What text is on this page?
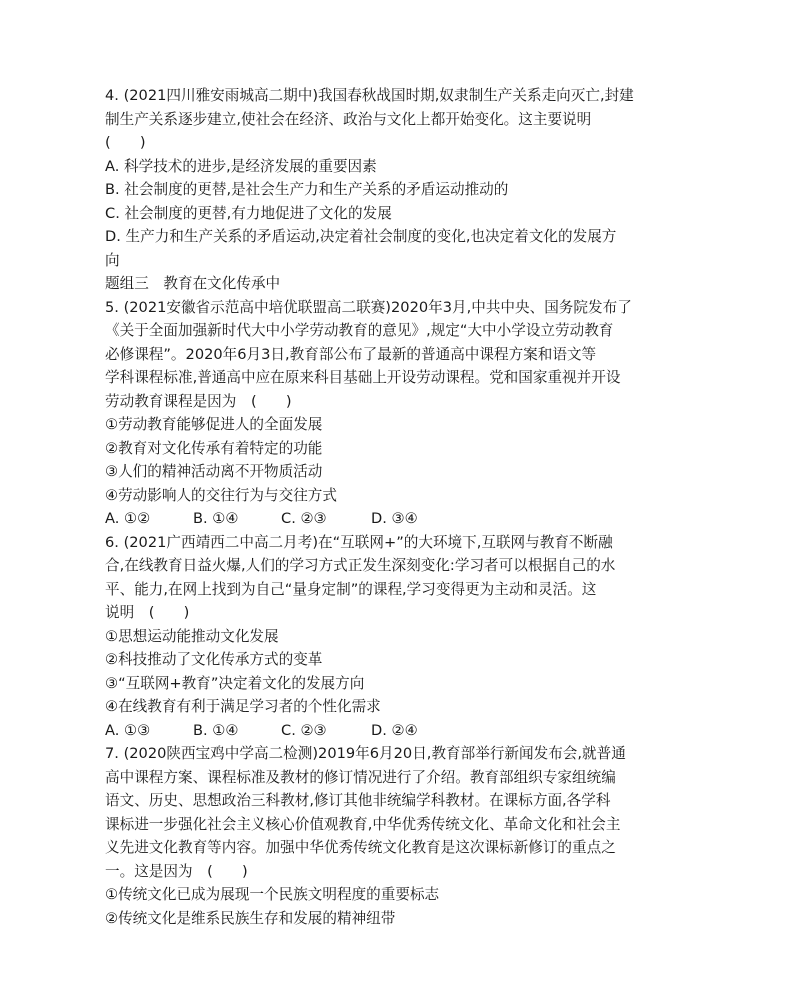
4. (2021四川雅安雨城高二期中)我国春秋战国时期,奴隶制生产关系走向灭亡,封建
制生产关系逐步建立,使社会在经济、政治与文化上都开始变化。这主要说明
(　　)
A. 科学技术的进步,是经济发展的重要因素
B. 社会制度的更替,是社会生产力和生产关系的矛盾运动推动的
C. 社会制度的更替,有力地促进了文化的发展
D. 生产力和生产关系的矛盾运动,决定着社会制度的变化,也决定着文化的发展方
向
题组三　教育在文化传承中
5. (2021安徽省示范高中培优联盟高二联赛)2020年3月,中共中央、国务院发布了
《关于全面加强新时代大中小学劳动教育的意见》,规定“大中小学设立劳动教育
必修课程”。2020年6月3日,教育部公布了最新的普通高中课程方案和语文等
学科课程标准,普通高中应在原来科目基础上开设劳动课程。党和国家重视并开设
劳动教育课程是因为　(　　)
①劳动教育能够促进人的全面发展
②教育对文化传承有着特定的功能
③人们的精神活动离不开物质活动
④劳动影响人的交往行为与交往方式
A. ①②	B. ①④	C. ②③	D. ③④
6. (2021广西靖西二中高二月考)在“互联网+”的大环境下,互联网与教育不断融
合,在线教育日益火爆,人们的学习方式正发生深刻变化:学习者可以根据自己的水
平、能力,在网上找到为自己“量身定制”的课程,学习变得更为主动和灵活。这
说明　(　　)
①思想运动能推动文化发展
②科技推动了文化传承方式的变革
③“互联网+教育”决定着文化的发展方向
④在线教育有利于满足学习者的个性化需求
A. ①③	B. ①④	C. ②③	D. ②④
7. (2020陕西宝鸡中学高二检测)2019年6月20日,教育部举行新闻发布会,就普通
高中课程方案、课程标准及教材的修订情况进行了介绍。教育部组织专家组统编
语文、历史、思想政治三科教材,修订其他非统编学科教材。在课标方面,各学科
课标进一步强化社会主义核心价值观教育,中华优秀传统文化、革命文化和社会主
义先进文化教育等内容。加强中华优秀传统文化教育是这次课标新修订的重点之
一。这是因为　(　　)
①传统文化已成为展现一个民族文明程度的重要标志
②传统文化是维系民族生存和发展的精神纽带
